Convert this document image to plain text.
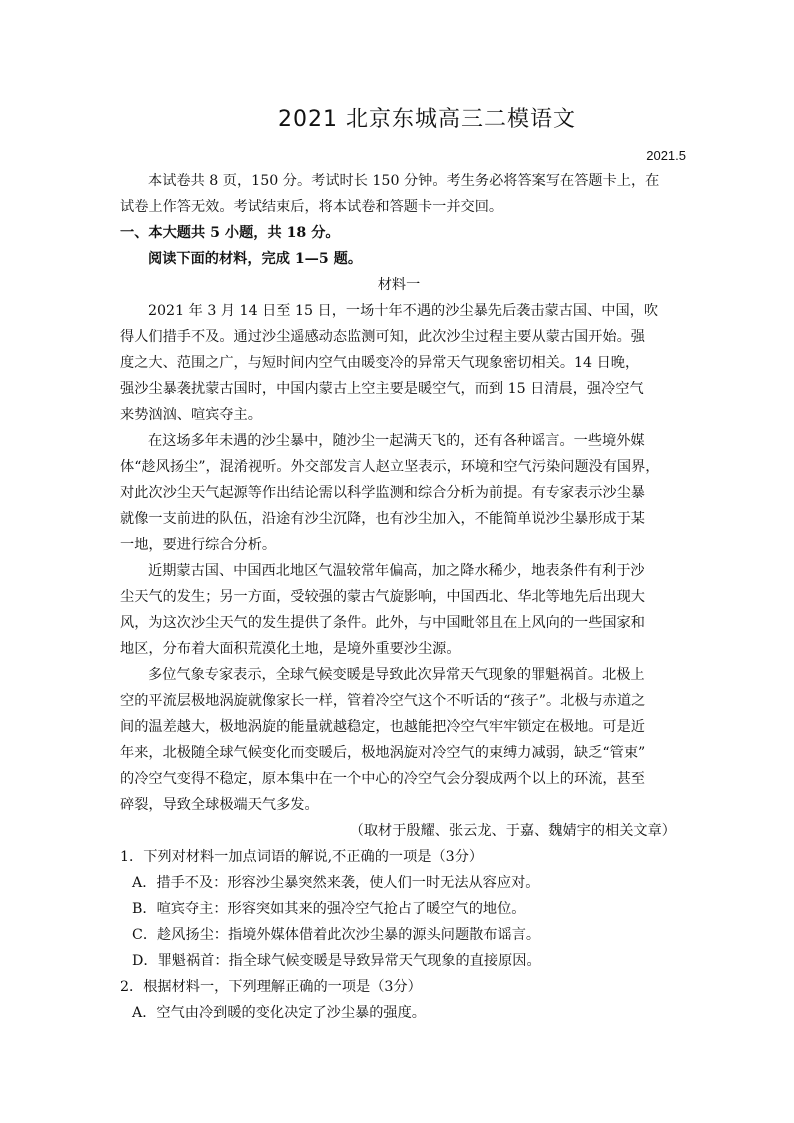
2021 北京东城高三二模语文
2021.5
本试卷共 8 页，150 分。考试时长 150 分钟。考生务必将答案写在答题卡上，在
试卷上作答无效。考试结束后，将本试卷和答题卡一并交回。
一、本大题共 5 小题，共 18 分。
阅读下面的材料，完成 1—5 题。
材料一
2021 年 3 月 14 日至 15 日，一场十年不遇的沙尘暴先后袭击蒙古国、中国，吹
得人们措手不及。通过沙尘遥感动态监测可知，此次沙尘过程主要从蒙古国开始。强
度之大、范围之广，与短时间内空气由暖变冷的异常天气现象密切相关。14 日晚，
强沙尘暴袭扰蒙古国时，中国内蒙古上空主要是暖空气，而到 15 日清晨，强冷空气
来势汹汹、喧宾夺主。
在这场多年未遇的沙尘暴中，随沙尘一起满天飞的，还有各种谣言。一些境外媒
体“趁风扬尘”，混淆视听。外交部发言人赵立坚表示，环境和空气污染问题没有国界，
对此次沙尘天气起源等作出结论需以科学监测和综合分析为前提。有专家表示沙尘暴
就像一支前进的队伍，沿途有沙尘沉降，也有沙尘加入，不能简单说沙尘暴形成于某
一地，要进行综合分析。
近期蒙古国、中国西北地区气温较常年偏高，加之降水稀少，地表条件有利于沙
尘天气的发生；另一方面，受较强的蒙古气旋影响，中国西北、华北等地先后出现大
风，为这次沙尘天气的发生提供了条件。此外，与中国毗邻且在上风向的一些国家和
地区，分布着大面积荒漠化土地，是境外重要沙尘源。
多位气象专家表示，全球气候变暖是导致此次异常天气现象的罪魁祸首。北极上
空的平流层极地涡旋就像家长一样，管着冷空气这个不听话的“孩子”。北极与赤道之
间的温差越大，极地涡旋的能量就越稳定，也越能把冷空气牢牢锁定在极地。可是近
年来，北极随全球气候变化而变暖后，极地涡旋对冷空气的束缚力减弱，缺乏“管束”
的冷空气变得不稳定，原本集中在一个中心的冷空气会分裂成两个以上的环流，甚至
碎裂，导致全球极端天气多发。
（取材于殷耀、张云龙、于嘉、魏婧宇的相关文章）
1．下列对材料一加点词语的解说,不正确的一项是（3分）
A．措手不及：形容沙尘暴突然来袭，使人们一时无法从容应对。
B．喧宾夺主：形容突如其来的强冷空气抢占了暖空气的地位。
C．趁风扬尘：指境外媒体借着此次沙尘暴的源头问题散布谣言。
D．罪魁祸首：指全球气候变暖是导致异常天气现象的直接原因。
2．根据材料一，下列理解正确的一项是（3分）
A．空气由冷到暖的变化决定了沙尘暴的强度。
